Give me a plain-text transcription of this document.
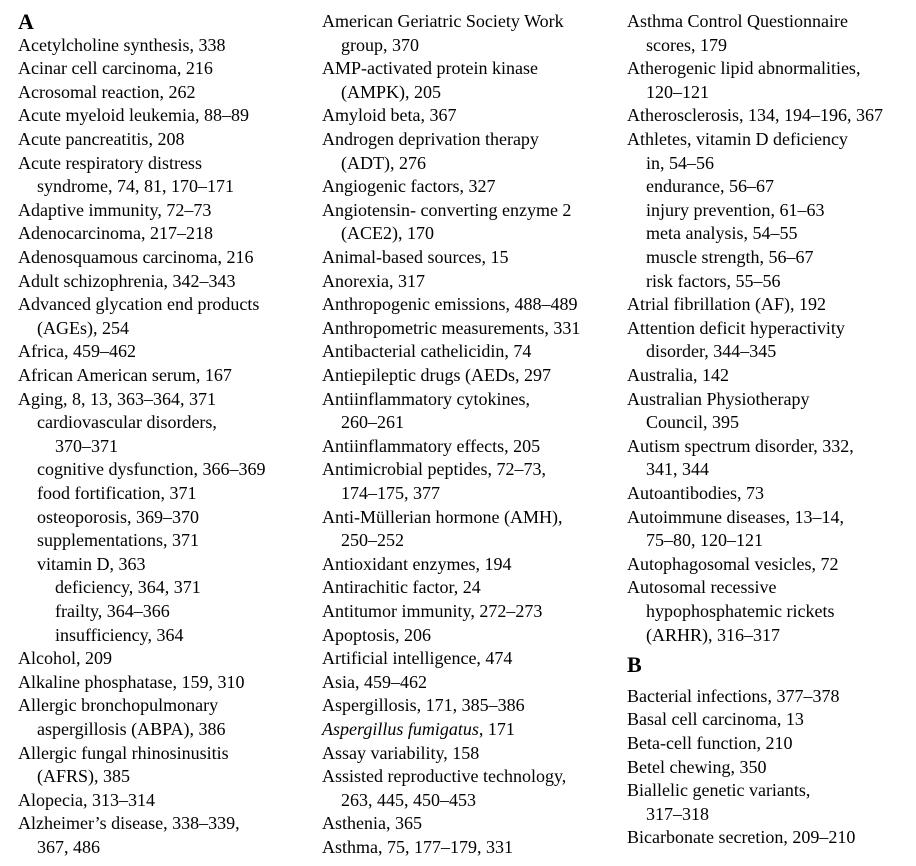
A
Acetylcholine synthesis, 338
Acinar cell carcinoma, 216
Acrosomal reaction, 262
Acute myeloid leukemia, 88–89
Acute pancreatitis, 208
Acute respiratory distress
syndrome, 74, 81, 170–171
Adaptive immunity, 72–73
Adenocarcinoma, 217–218
Adenosquamous carcinoma, 216
Adult schizophrenia, 342–343
Advanced glycation end products
(AGEs), 254
Africa, 459–462
African American serum, 167
Aging, 8, 13, 363–364, 371
cardiovascular disorders,
370–371
cognitive dysfunction, 366–369
food fortification, 371
osteoporosis, 369–370
supplementations, 371
vitamin D, 363
deficiency, 364, 371
frailty, 364–366
insufficiency, 364
Alcohol, 209
Alkaline phosphatase, 159, 310
Allergic bronchopulmonary
aspergillosis (ABPA), 386
Allergic fungal rhinosinusitis
(AFRS), 385
Alopecia, 313–314
Alzheimer’s disease, 338–339,
367, 486
American Geriatric Society Work
group, 370
AMP-activated protein kinase
(AMPK), 205
Amyloid beta, 367
Androgen deprivation therapy
(ADT), 276
Angiogenic factors, 327
Angiotensin- converting enzyme 2
(ACE2), 170
Animal-based sources, 15
Anorexia, 317
Anthropogenic emissions, 488–489
Anthropometric measurements, 331
Antibacterial cathelicidin, 74
Antiepileptic drugs (AEDs, 297
Antiinflammatory cytokines,
260–261
Antiinflammatory effects, 205
Antimicrobial peptides, 72–73,
174–175, 377
Anti-Müllerian hormone (AMH),
250–252
Antioxidant enzymes, 194
Antirachitic factor, 24
Antitumor immunity, 272–273
Apoptosis, 206
Artificial intelligence, 474
Asia, 459–462
Aspergillosis, 171, 385–386
Aspergillus fumigatus, 171
Assay variability, 158
Assisted reproductive technology,
263, 445, 450–453
Asthenia, 365
Asthma, 75, 177–179, 331
Asthma Control Questionnaire
scores, 179
Atherogenic lipid abnormalities,
120–121
Atherosclerosis, 134, 194–196, 367
Athletes, vitamin D deficiency
in, 54–56
endurance, 56–67
injury prevention, 61–63
meta analysis, 54–55
muscle strength, 56–67
risk factors, 55–56
Atrial fibrillation (AF), 192
Attention deficit hyperactivity
disorder, 344–345
Australia, 142
Australian Physiotherapy
Council, 395
Autism spectrum disorder, 332,
341, 344
Autoantibodies, 73
Autoimmune diseases, 13–14,
75–80, 120–121
Autophagosomal vesicles, 72
Autosomal recessive
hypophosphatemic rickets
(ARHR), 316–317
B
Bacterial infections, 377–378
Basal cell carcinoma, 13
Beta-cell function, 210
Betel chewing, 350
Biallelic genetic variants,
317–318
Bicarbonate secretion, 209–210
